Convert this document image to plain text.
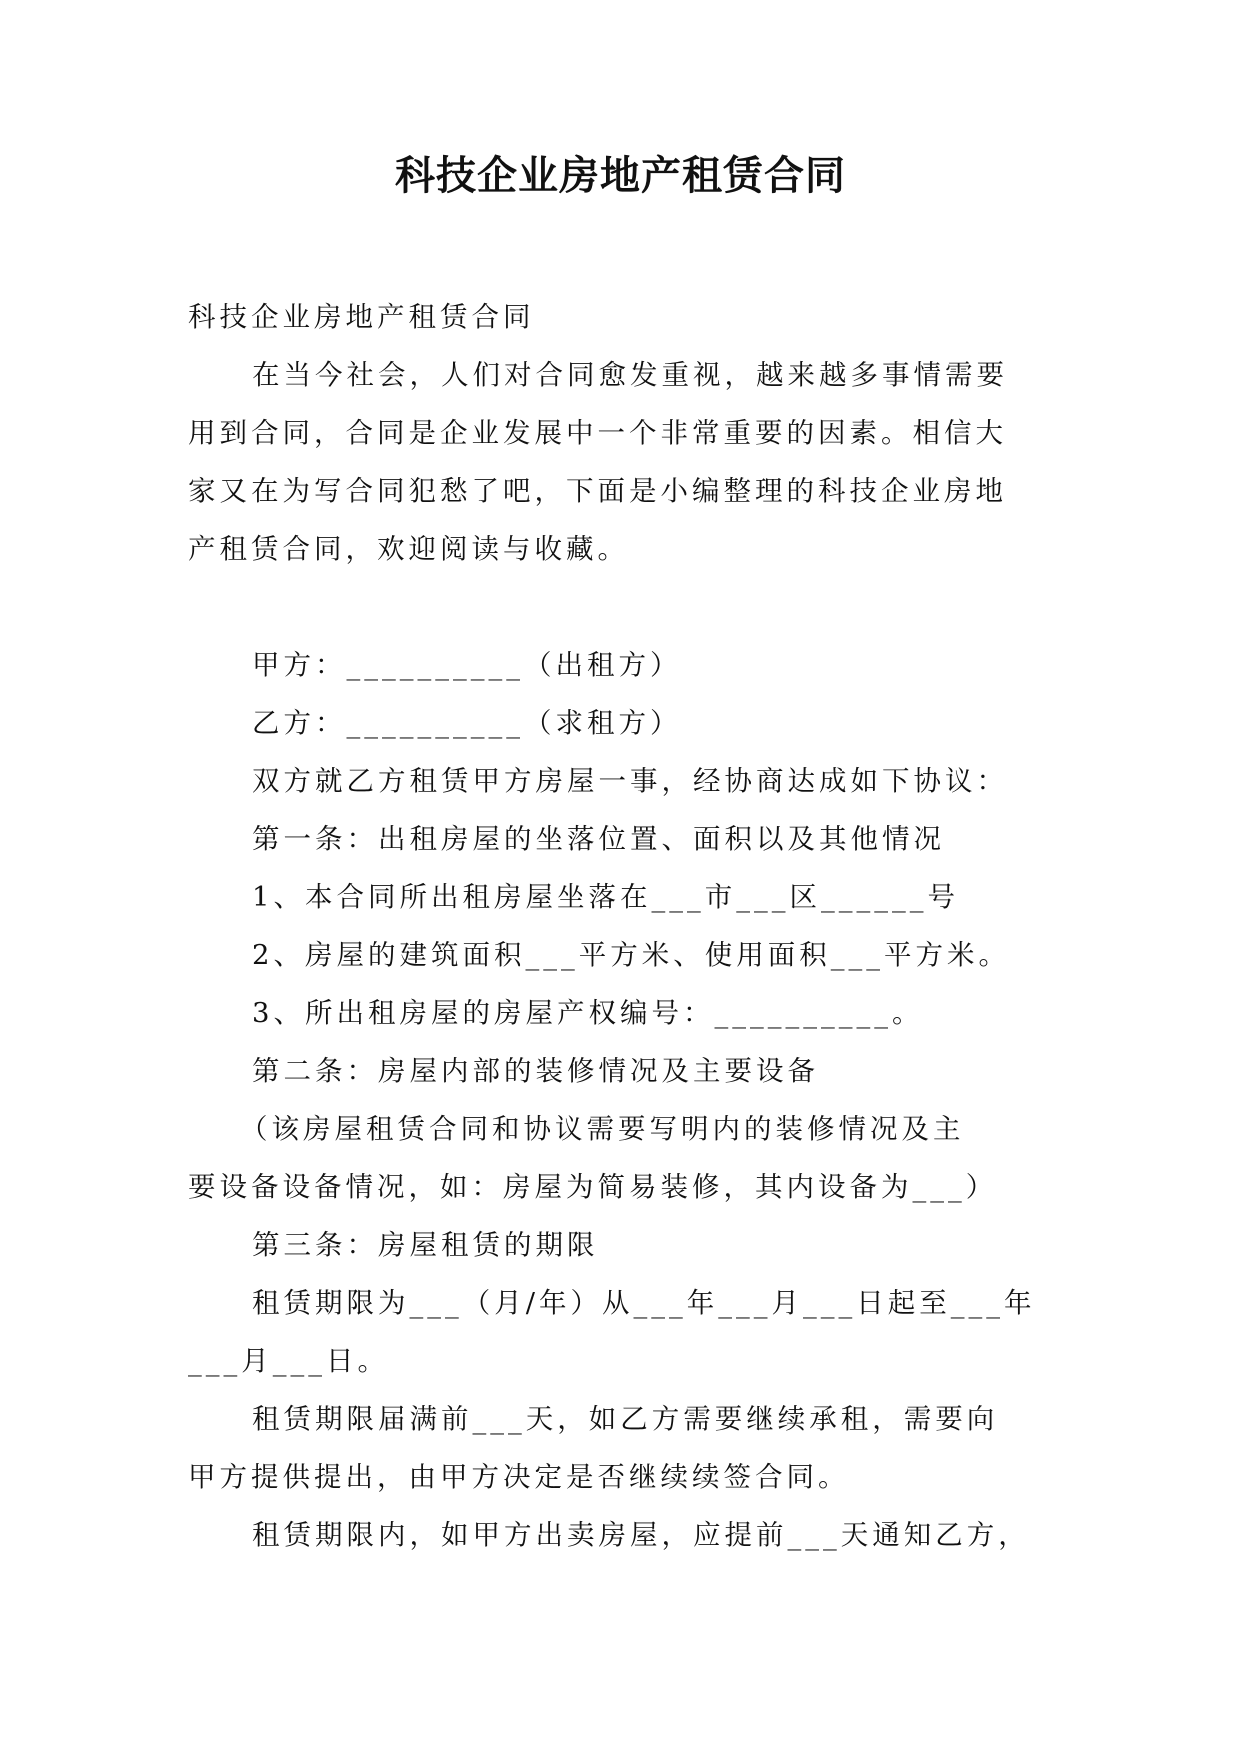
科技企业房地产租赁合同

科技企业房地产租赁合同

在当今社会，人们对合同愈发重视，越来越多事情需要

用到合同，合同是企业发展中一个非常重要的因素。相信大

家又在为写合同犯愁了吧，下面是小编整理的科技企业房地

产租赁合同，欢迎阅读与收藏。

甲方：__________（出租方）

乙方：__________（求租方）

双方就乙方租赁甲方房屋一事，经协商达成如下协议：

第一条：出租房屋的坐落位置、面积以及其他情况

1、本合同所出租房屋坐落在___市___区______号

2、房屋的建筑面积___平方米、使用面积___平方米。

3、所出租房屋的房屋产权编号：__________。

第二条：房屋内部的装修情况及主要设备

（该房屋租赁合同和协议需要写明内的装修情况及主

要设备设备情况，如：房屋为简易装修，其内设备为___）

第三条：房屋租赁的期限

租赁期限为___（月/年）从___年___月___日起至___年

___月___日。

租赁期限届满前___天，如乙方需要继续承租，需要向

甲方提供提出，由甲方决定是否继续续签合同。

租赁期限内，如甲方出卖房屋，应提前___天通知乙方，
